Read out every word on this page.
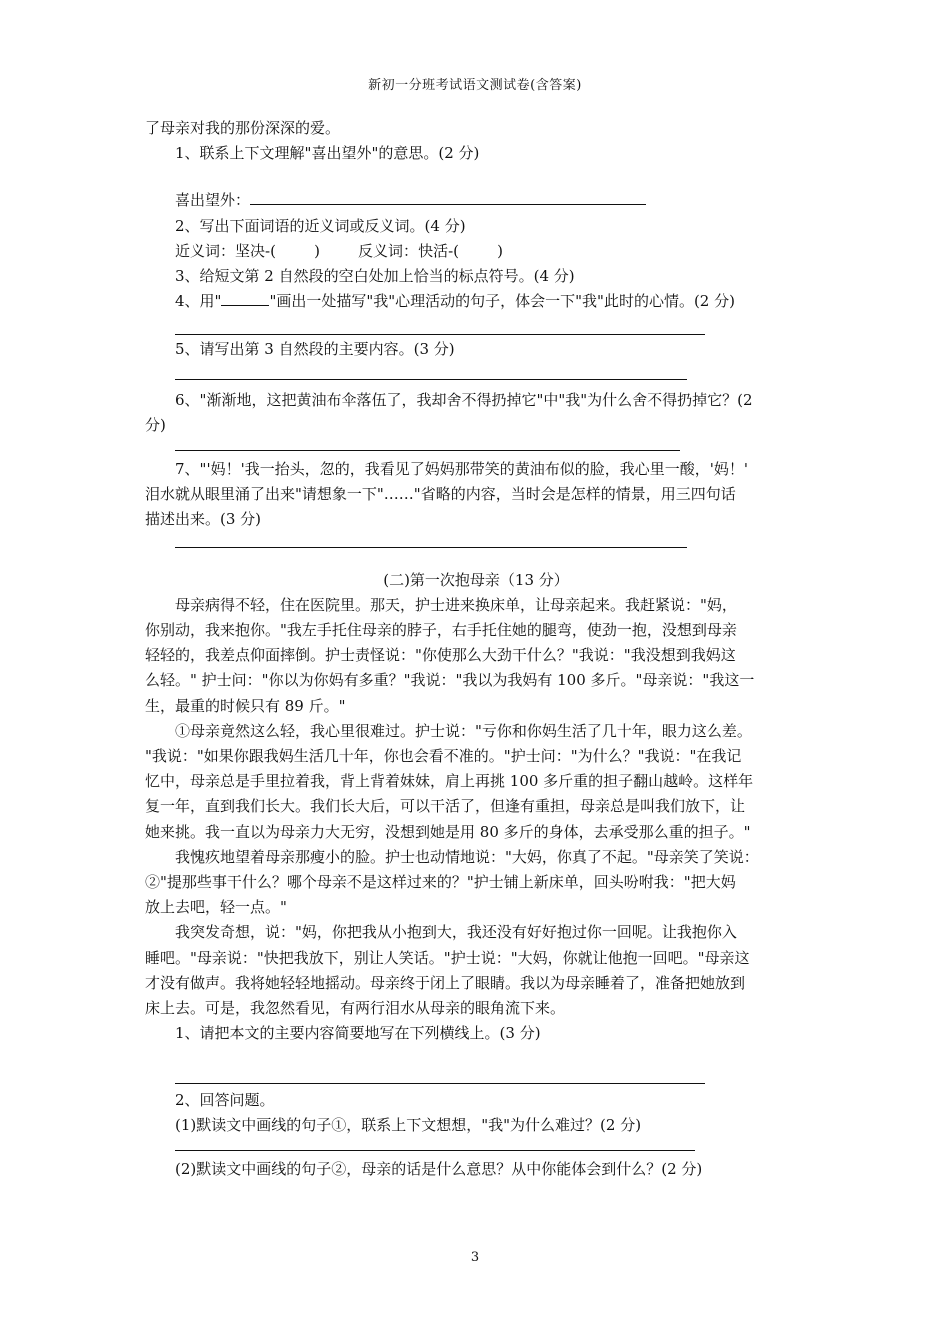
新初一分班考试语文测试卷(含答案)

了母亲对我的那份深深的爱。

1、联系上下文理解"喜出望外"的意思。(2 分)

喜出望外：

2、写出下面词语的近义词或反义词。(4 分)

近义词：坚决-(        )        反义词：快活-(        )

3、给短文第 2 自然段的空白处加上恰当的标点符号。(4 分)

4、用"	"画出一处描写"我"心理活动的句子，体会一下"我"此时的心情。(2 分)

5、请写出第 3 自然段的主要内容。(3 分)

6、"渐渐地，这把黄油布伞落伍了，我却舍不得扔掉它"中"我"为什么舍不得扔掉它？(2

分)

7、"'妈！'我一抬头，忽的，我看见了妈妈那带笑的黄油布似的脸，我心里一酸，'妈！'

泪水就从眼里涌了出来"请想象一下"……"省略的内容，当时会是怎样的情景，用三四句话

描述出来。(3 分)

(二)第一次抱母亲（13 分）

母亲病得不轻，住在医院里。那天，护士进来换床单，让母亲起来。我赶紧说："妈，

你别动，我来抱你。"我左手托住母亲的脖子，右手托住她的腿弯，使劲一抱，没想到母亲

轻轻的，我差点仰面摔倒。护士责怪说："你使那么大劲干什么？"我说："我没想到我妈这

么轻。" 护士问："你以为你妈有多重？"我说："我以为我妈有 100 多斤。"母亲说："我这一

生，最重的时候只有 89 斤。"

①母亲竟然这么轻，我心里很难过。护士说："亏你和你妈生活了几十年，眼力这么差。

"我说："如果你跟我妈生活几十年，你也会看不准的。"护士问："为什么？"我说："在我记

忆中，母亲总是手里拉着我，背上背着妹妹，肩上再挑 100 多斤重的担子翻山越岭。这样年

复一年，直到我们长大。我们长大后，可以干活了，但逢有重担，母亲总是叫我们放下，让

她来挑。我一直以为母亲力大无穷，没想到她是用 80 多斤的身体，去承受那么重的担子。"

我愧疚地望着母亲那瘦小的脸。护士也动情地说："大妈，你真了不起。"母亲笑了笑说：

②"提那些事干什么？哪个母亲不是这样过来的？"护士铺上新床单，回头吩咐我："把大妈

放上去吧，轻一点。"

我突发奇想，说："妈，你把我从小抱到大，我还没有好好抱过你一回呢。让我抱你入

睡吧。"母亲说："快把我放下，别让人笑话。"护士说："大妈，你就让他抱一回吧。"母亲这

才没有做声。我将她轻轻地摇动。母亲终于闭上了眼睛。我以为母亲睡着了，准备把她放到

床上去。可是，我忽然看见，有两行泪水从母亲的眼角流下来。

1、请把本文的主要内容简要地写在下列横线上。(3 分)

2、回答问题。

(1)默读文中画线的句子①，联系上下文想想，"我"为什么难过？(2 分)

(2)默读文中画线的句子②，母亲的话是什么意思？从中你能体会到什么？(2 分)

3
